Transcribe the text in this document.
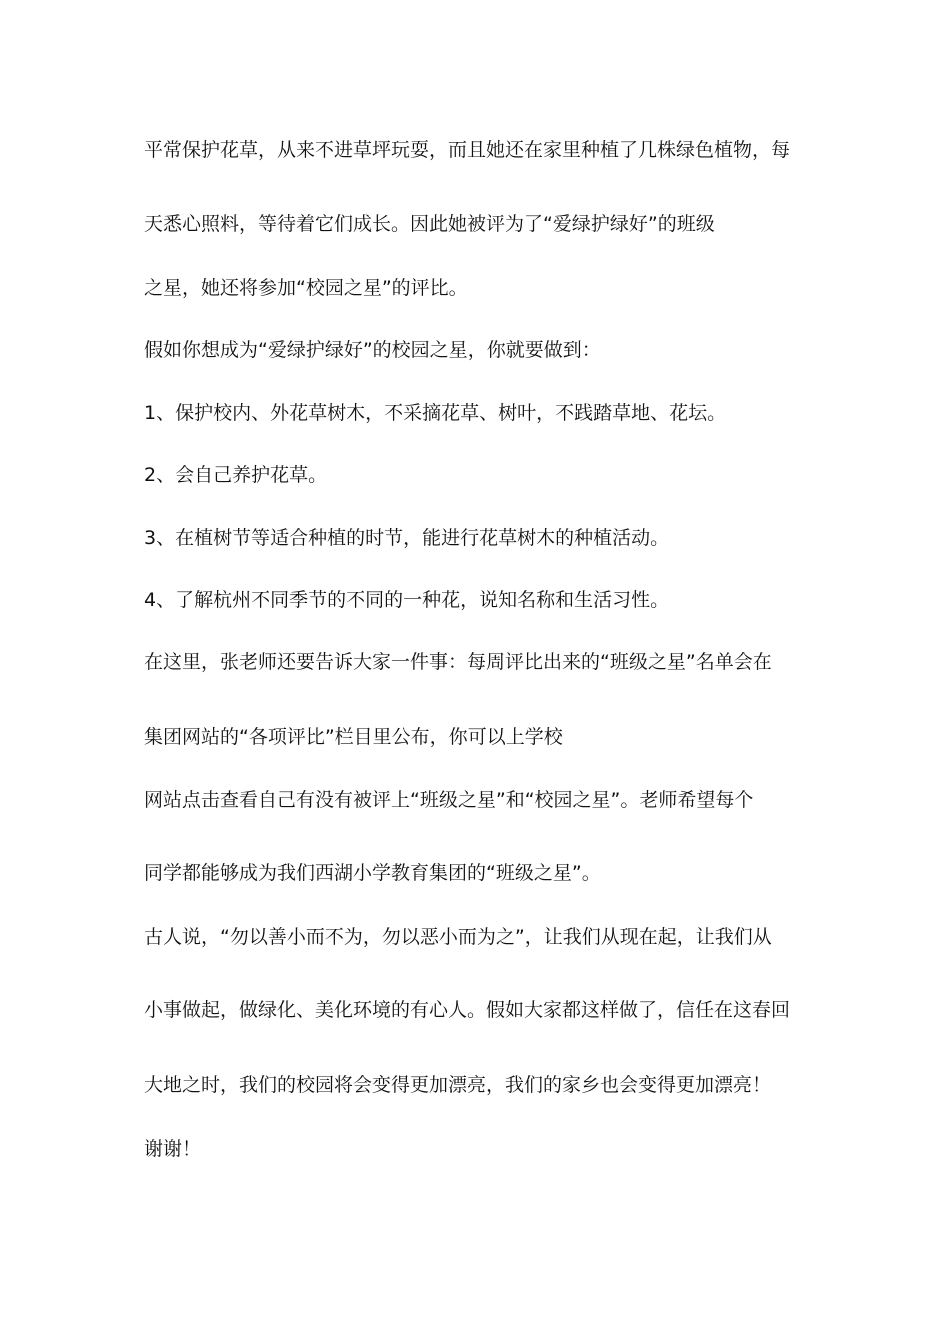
平常保护花草，从来不进草坪玩耍，而且她还在家里种植了几株绿色植物，每
天悉心照料，等待着它们成长。因此她被评为了“爱绿护绿好”的班级
之星，她还将参加“校园之星”的评比。
假如你想成为“爱绿护绿好”的校园之星，你就要做到：
1、保护校内、外花草树木，不采摘花草、树叶，不践踏草地、花坛。
2、会自己养护花草。
3、在植树节等适合种植的时节，能进行花草树木的种植活动。
4、了解杭州不同季节的不同的一种花，说知名称和生活习性。
在这里，张老师还要告诉大家一件事：每周评比出来的“班级之星”名单会在
集团网站的“各项评比”栏目里公布，你可以上学校
网站点击查看自己有没有被评上“班级之星”和“校园之星”。老师希望每个
同学都能够成为我们西湖小学教育集团的“班级之星”。
古人说，“勿以善小而不为，勿以恶小而为之”，让我们从现在起，让我们从
小事做起，做绿化、美化环境的有心人。假如大家都这样做了，信任在这春回
大地之时，我们的校园将会变得更加漂亮，我们的家乡也会变得更加漂亮！
谢谢！
